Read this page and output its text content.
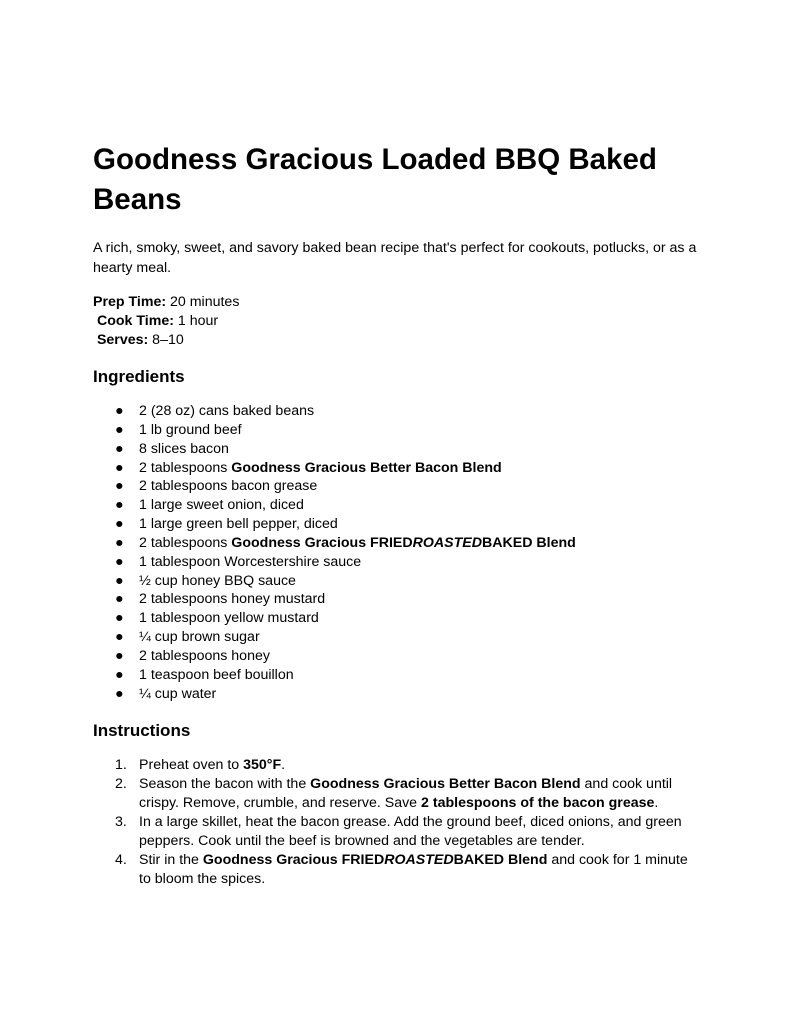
Goodness Gracious Loaded BBQ Baked Beans

A rich, smoky, sweet, and savory baked bean recipe that's perfect for cookouts, potlucks, or as a hearty meal.

Prep Time: 20 minutes
Cook Time: 1 hour
Serves: 8–10
Ingredients
● 2 (28 oz) cans baked beans
● 1 lb ground beef
● 8 slices bacon
● 2 tablespoons Goodness Gracious Better Bacon Blend
● 2 tablespoons bacon grease
● 1 large sweet onion, diced
● 1 large green bell pepper, diced
● 2 tablespoons Goodness Gracious FRIEDROASTEDBAKED Blend
● 1 tablespoon Worcestershire sauce
● ½ cup honey BBQ sauce
● 2 tablespoons honey mustard
● 1 tablespoon yellow mustard
● ¼ cup brown sugar
● 2 tablespoons honey
● 1 teaspoon beef bouillon
● ¼ cup water
Instructions
1. Preheat oven to 350°F.
2. Season the bacon with the Goodness Gracious Better Bacon Blend and cook until crispy. Remove, crumble, and reserve. Save 2 tablespoons of the bacon grease.
3. In a large skillet, heat the bacon grease. Add the ground beef, diced onions, and green peppers. Cook until the beef is browned and the vegetables are tender.
4. Stir in the Goodness Gracious FRIEDROASTEDBAKED Blend and cook for 1 minute to bloom the spices.
